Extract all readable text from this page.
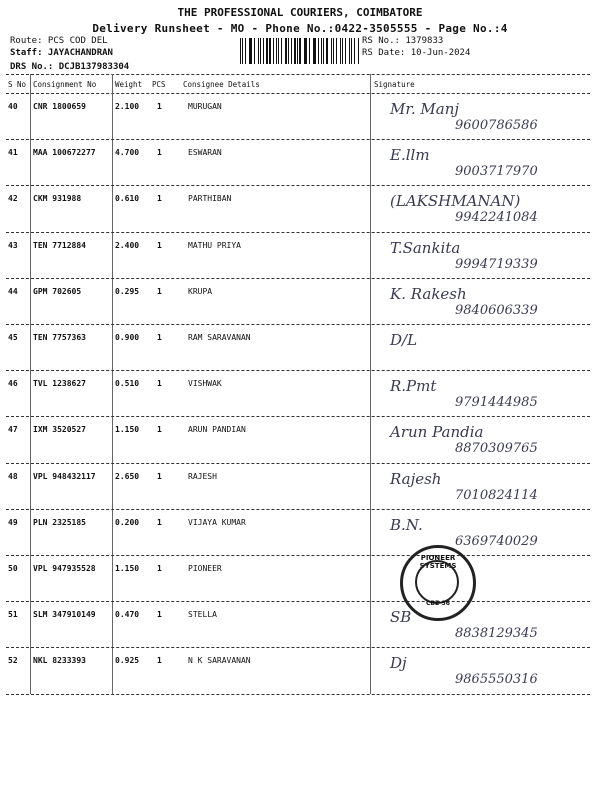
THE PROFESSIONAL COURIERS, COIMBATORE
Delivery Runsheet - MO - Phone No.:0422-3505555 - Page No.:4
Route: PCS COD DEL
Staff: JAYACHANDRAN
DRS No.: DCJB137983304
RS No.: 1379833
RS Date: 10-Jun-2024
S No Consignment No	Weight PCS Consignee Details	Signature
40 CNR 1800659	2.100 1	MURUGAN	Mr. Manj
9600786586
41 MAA 100672277 4.700 1	ESWARAN	E.llm
9003717970
42 CKM 931988	0.610 1	PARTHIBAN	(LAKSHMANAN)
9942241084
43 TEN 7712884	2.400 1	MATHU PRIYA	T.Sankita
9994719339
44 GPM 702605	0.295 1	KRUPA	K. Rakesh
9840606339
45 TEN 7757363	0.900 1	RAM SARAVANAN	D/L
46 TVL 1238627	0.510 1	VISHWAK	R.Pmt
9791444985
47 IXM 3520527	1.150 1	ARUN PANDIAN	Arun Pandia
8870309765
48 VPL 948432117 2.650 1	RAJESH	Rajesh
7010824114
49 PLN 2325185	0.200 1	VIJAYA KUMAR	B.N.
6369740029
50 VPL 947935528 1.150 1	PIONEER
51 SLM 347910149 0.470 1	STELLA	SB
8838129345
52 NKL 8233393	0.925 1	N K SARAVANAN	Dj
9865550316
PIONEER SYSTEMS
CBE-36
